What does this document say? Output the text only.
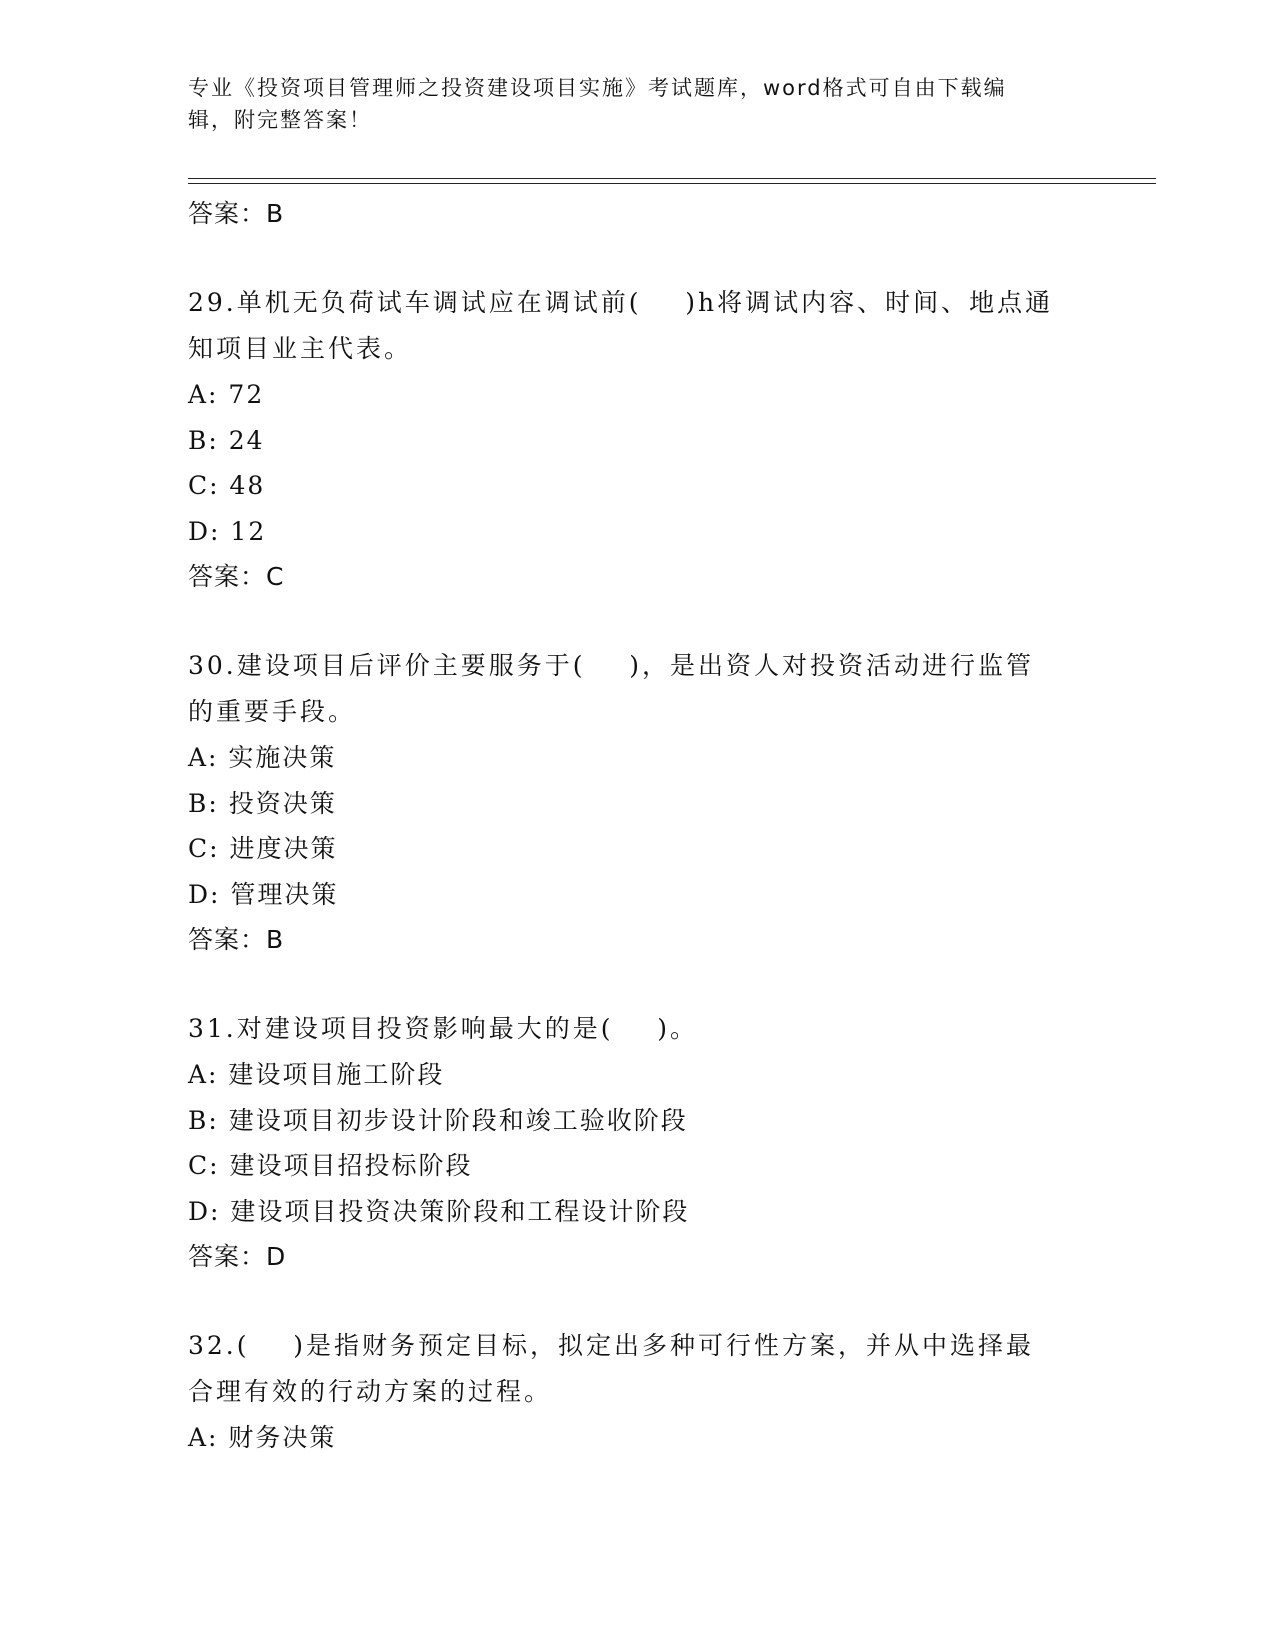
专业《投资项目管理师之投资建设项目实施》考试题库，word格式可自由下载编
辑，附完整答案！
答案：B
29.单机无负荷试车调试应在调试前(    )h将调试内容、时间、地点通
知项目业主代表。
A: 72
B: 24
C: 48
D: 12
答案：C
30.建设项目后评价主要服务于(    )，是出资人对投资活动进行监管
的重要手段。
A: 实施决策
B: 投资决策
C: 进度决策
D: 管理决策
答案：B
31.对建设项目投资影响最大的是(    )。
A: 建设项目施工阶段
B: 建设项目初步设计阶段和竣工验收阶段
C: 建设项目招投标阶段
D: 建设项目投资决策阶段和工程设计阶段
答案：D
32.(    )是指财务预定目标，拟定出多种可行性方案，并从中选择最
合理有效的行动方案的过程。
A: 财务决策
